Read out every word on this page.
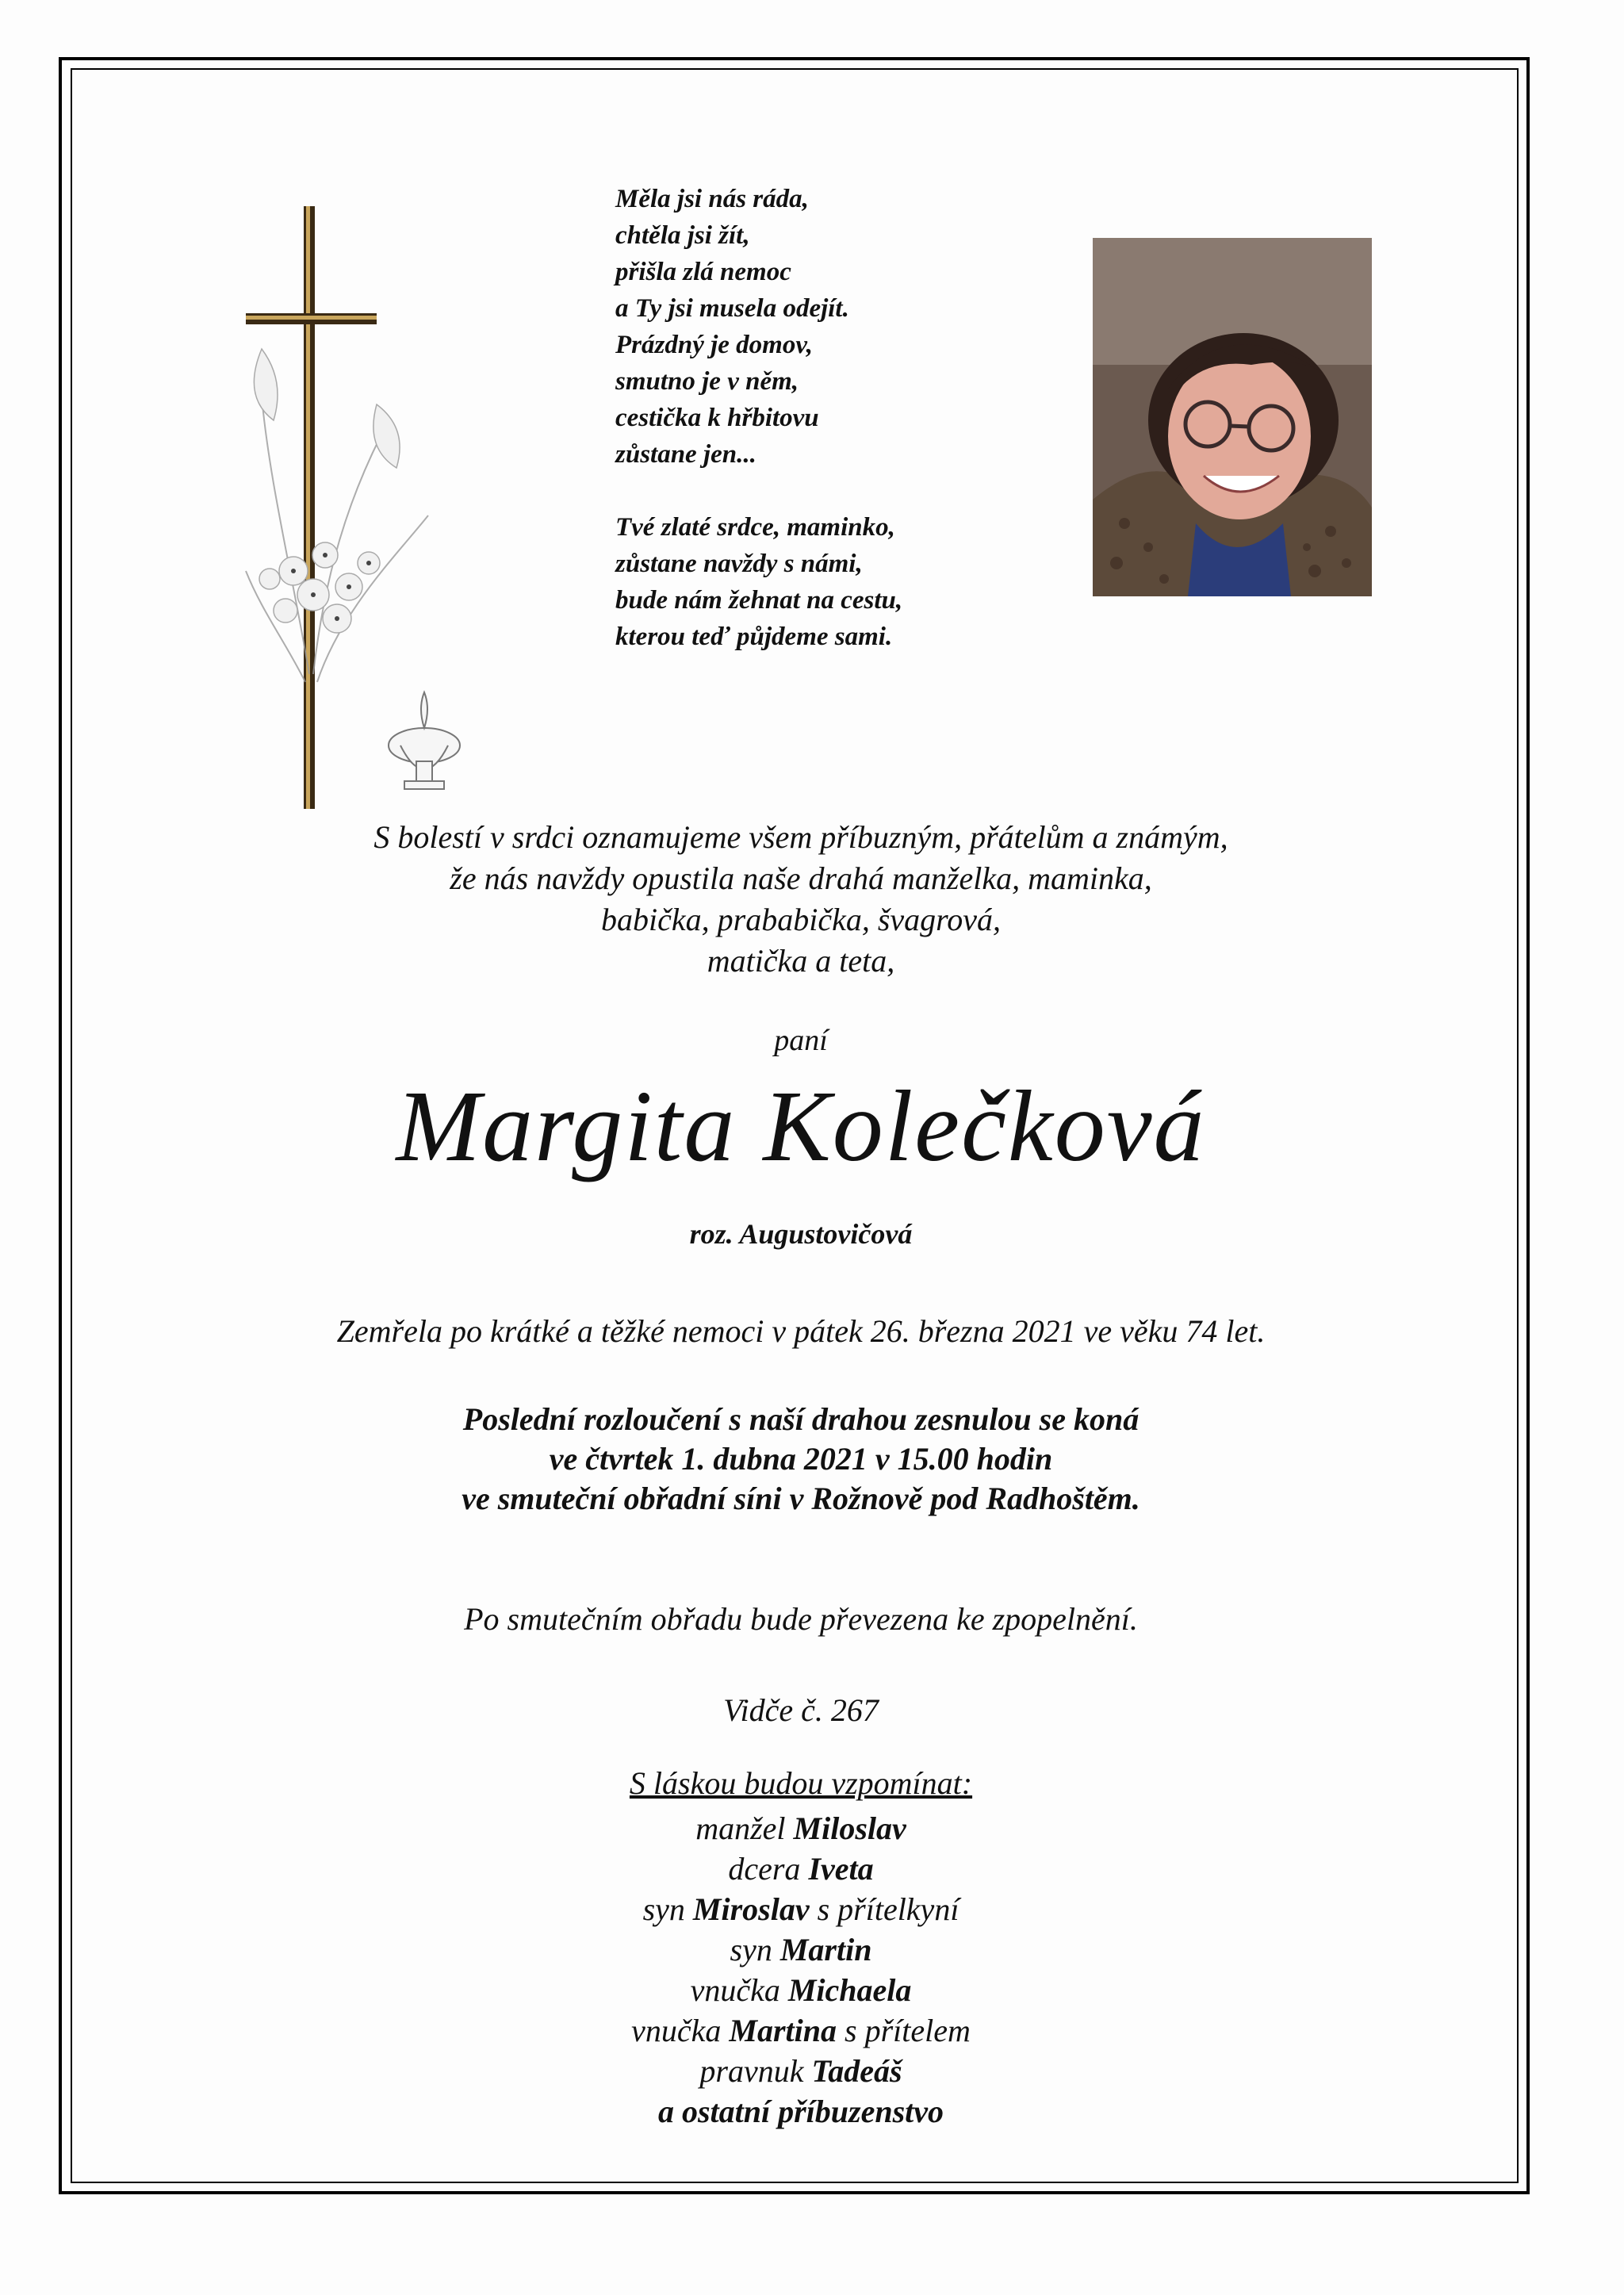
Měla jsi nás ráda,
chtěla jsi žít,
přišla zlá nemoc
a Ty jsi musela odejít.
Prázdný je domov,
smutno je v něm,
cestička k hřbitovu
zůstane jen...
Tvé zlaté srdce, maminko,
zůstane navždy s námi,
bude nám žehnat na cestu,
kterou teď půjdeme sami.
S bolestí v srdci oznamujeme všem příbuzným, přátelům a známým,
že nás navždy opustila naše drahá manželka, maminka,
babička, prababička, švagrová,
matička a teta,
paní
Margita Kolečková
roz. Augustovičová
Zemřela po krátké a těžké nemoci v pátek 26. března 2021 ve věku 74 let.
Poslední rozloučení s naší drahou zesnulou se koná
ve čtvrtek 1. dubna 2021 v 15.00 hodin
ve smuteční obřadní síni v Rožnově pod Radhoštěm.
Po smutečním obřadu bude převezena ke zpopelnění.
Vidče č. 267
S láskou budou vzpomínat:
manžel Miloslav
dcera Iveta
syn Miroslav s přítelkyní
syn Martin
vnučka Michaela
vnučka Martina s přítelem
pravnuk Tadeáš
a ostatní příbuzenstvo
